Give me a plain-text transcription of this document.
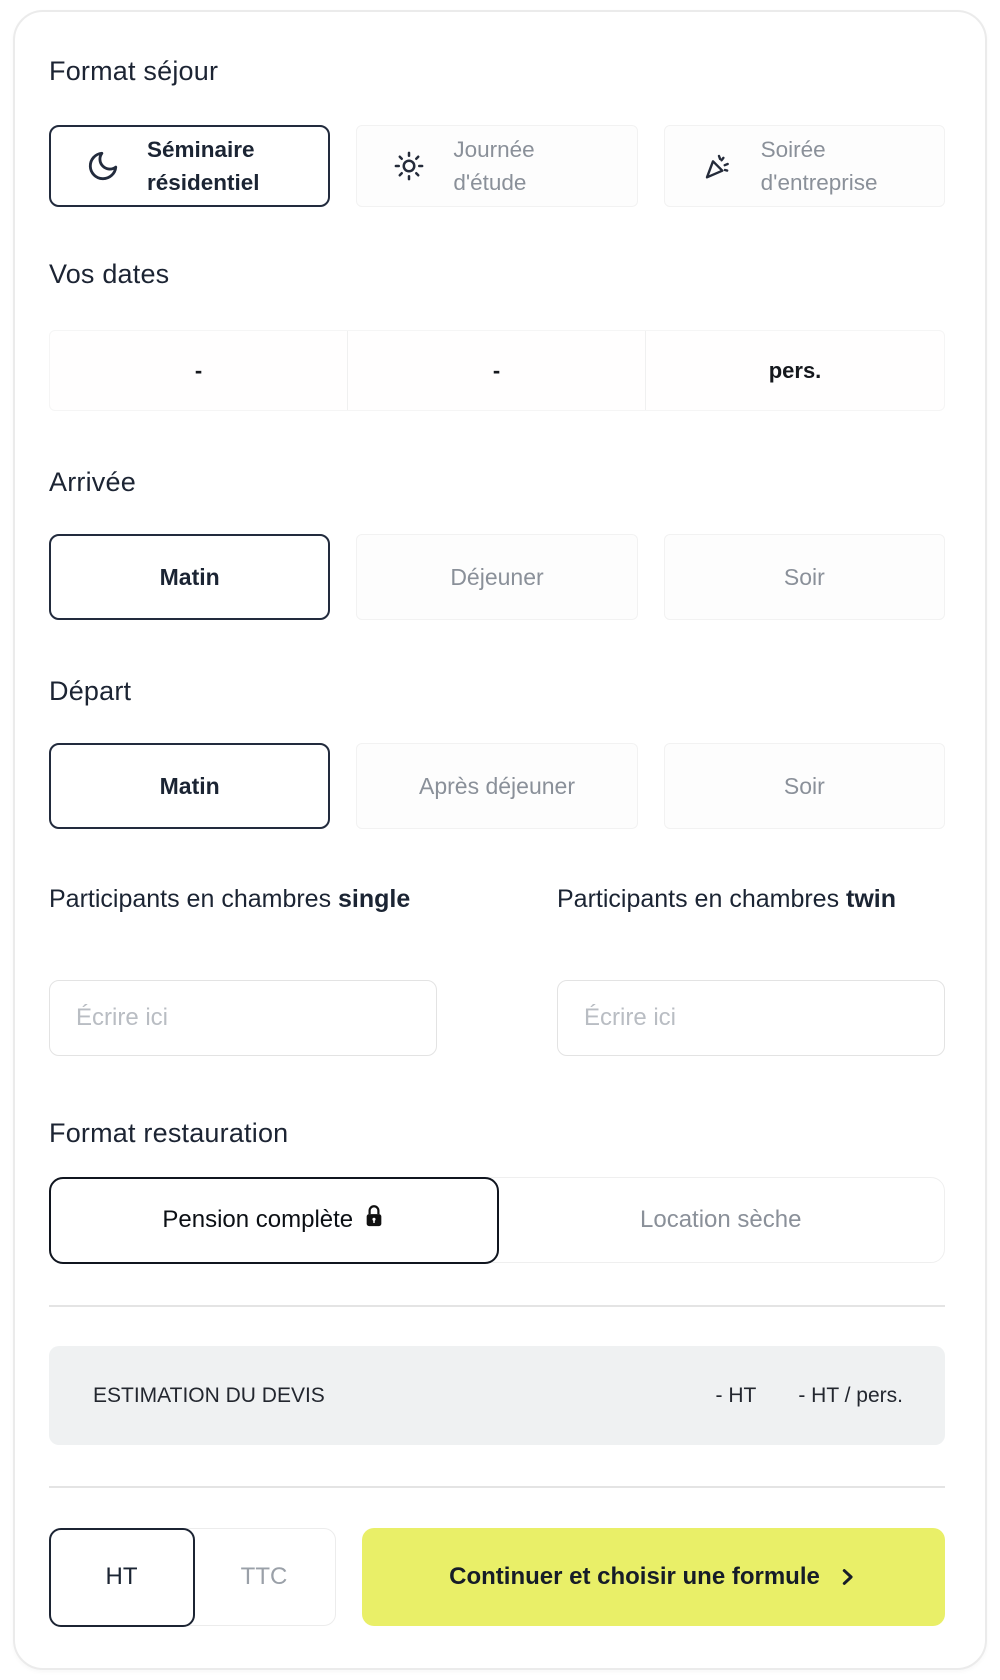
Format séjour
Séminaire
résidentiel
Journée
d'étude
Soirée
d'entreprise
Vos dates
-	-	pers.
Arrivée
Matin	Déjeuner	Soir
Départ
Matin	Après déjeuner	Soir
Participants en chambres single
Écrire ici	Participants en chambres twin
Écrire ici
Format restauration
Pension complète	Location sèche
ESTIMATION DU DEVIS	- HT - HT / pers.
HT	TTC	Continuer et choisir une formule
